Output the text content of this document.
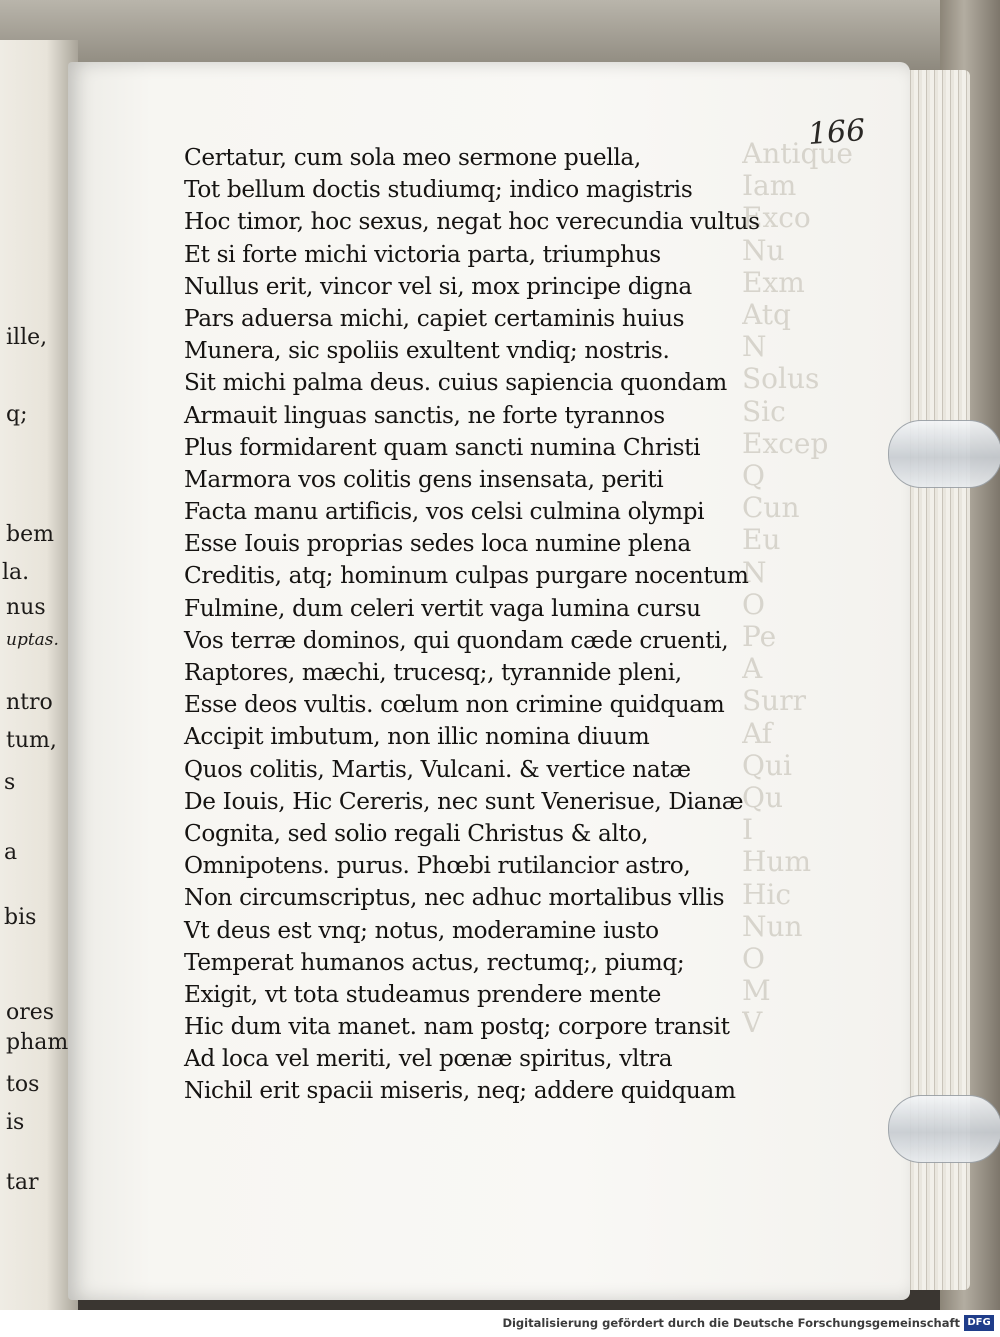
ille,
q;
bem
la.
nus
uptas.
ntro
tum,
s
a
bis
ores
pham
tos
is
tar
Antique
Iam
Exco
Nu
Exm
Atq
N
Solus
Sic
Excep
Q
Cun
Eu
N
O
Pe
A
Surr
Af
Qui
Qu
I
Hum
Hic
Nun
O
M
V
166
Certatur, cum sola meo sermone puella,
Tot bellum doctis studiumq; indico magistris
Hoc timor, hoc sexus, negat hoc verecundia vultus
Et si forte michi victoria parta, triumphus
Nullus erit, vincor vel si, mox principe digna
Pars aduersa michi, capiet certaminis huius
Munera, sic spoliis exultent vndiq; nostris.
Sit michi palma deus. cuius sapiencia quondam
Armauit linguas sanctis, ne forte tyrannos
Plus formidarent quam sancti numina Christi
Marmora vos colitis gens insensata, periti
Facta manu artificis, vos celsi culmina olympi
Esse Iouis proprias sedes loca numine plena
Creditis, atq; hominum culpas purgare nocentum
Fulmine, dum celeri vertit vaga lumina cursu
Vos terræ dominos, qui quondam cæde cruenti,
Raptores, mæchi, trucesq;, tyrannide pleni,
Esse deos vultis. cœlum non crimine quidquam
Accipit imbutum, non illic nomina diuum
Quos colitis, Martis, Vulcani. & vertice natæ
De Iouis, Hic Cereris, nec sunt Venerisue, Dianæ
Cognita, sed solio regali Christus & alto,
Omnipotens. purus. Phœbi rutilancior astro,
Non circumscriptus, nec adhuc mortalibus vllis
Vt deus est vnq; notus, moderamine iusto
Temperat humanos actus, rectumq;, piumq;
Exigit, vt tota studeamus prendere mente
Hic dum vita manet. nam postq; corpore transit
Ad loca vel meriti, vel pœnæ spiritus, vltra
Nichil erit spacii miseris, neq; addere quidquam
Digitalisierung gefördert durch die Deutsche Forschungsgemeinschaft DFG
